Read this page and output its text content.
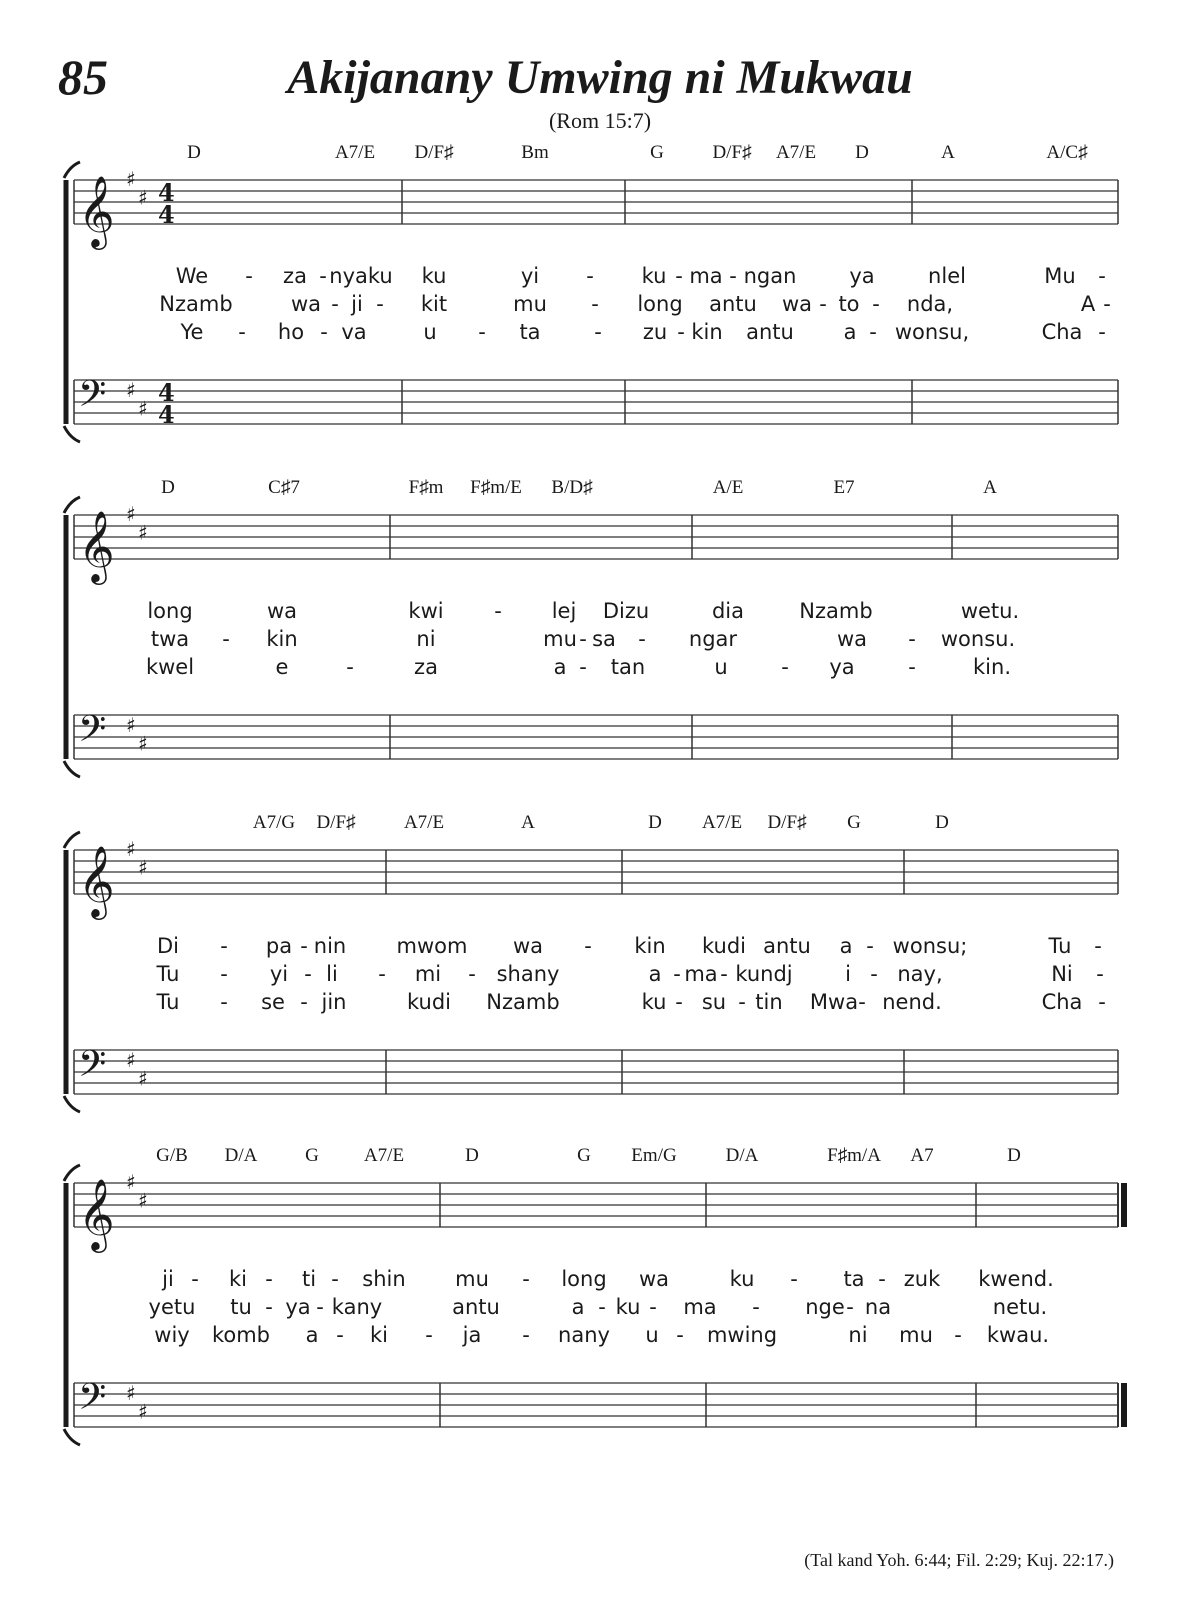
85	Akijanany Umwing ni Mukwau
(Rom 15:7)
𝄞 ♯
♯ 4
4
𝄢 ♯
♯
4
4
D	A7/E D/F♯	Bm	G	D/F♯ A7/E D	A	A/C♯
We - za - nyaku ku	yi - ku - ma - ngan	ya	nlel	Mu -
Nzamb	wa - ji - kit	mu - long antu wa - to - nda,	A -
Ye - ho - va	u - ta	- zu - kin antu a - wonsu,	Cha -
𝄞 ♯
♯
𝄢 ♯
♯
D	C♯7	F♯m F♯m/E B/D♯	A/E	E7	A
long	wa	kwi - lej Dizu	dia	Nzamb	wetu.
twa - kin	ni	mu - sa - ngar	wa - wonsu.
kwel	e	-	za	a - tan	u	- ya	-	kin.
𝄞 ♯
♯
𝄢 ♯
♯
A7/G D/F♯	A7/E	A	D A7/E D/F♯ G	D
Di - pa - nin mwom wa - kin kudi antu a - wonsu;	Tu -
Tu - yi - li - mi - shany	a - ma - kundj i - nay,	Ni -
Tu - se - jin	kudi Nzamb	ku - su - tin Mwa - nend.	Cha -
𝄞 ♯
♯
𝄢 ♯
♯
G/B D/A	G A7/E	D	G Em/G	D/A	F♯m/A A7	D
ji - ki - ti - shin mu - long wa	ku - ta - zuk kwend.
yetu tu - ya - kany	antu	a - ku - ma - nge - na	netu.
wiy komb a - ki - ja - nany u - mwing	ni mu - kwau.
(Tal kand Yoh. 6:44; Fil. 2:29; Kuj. 22:17.)
